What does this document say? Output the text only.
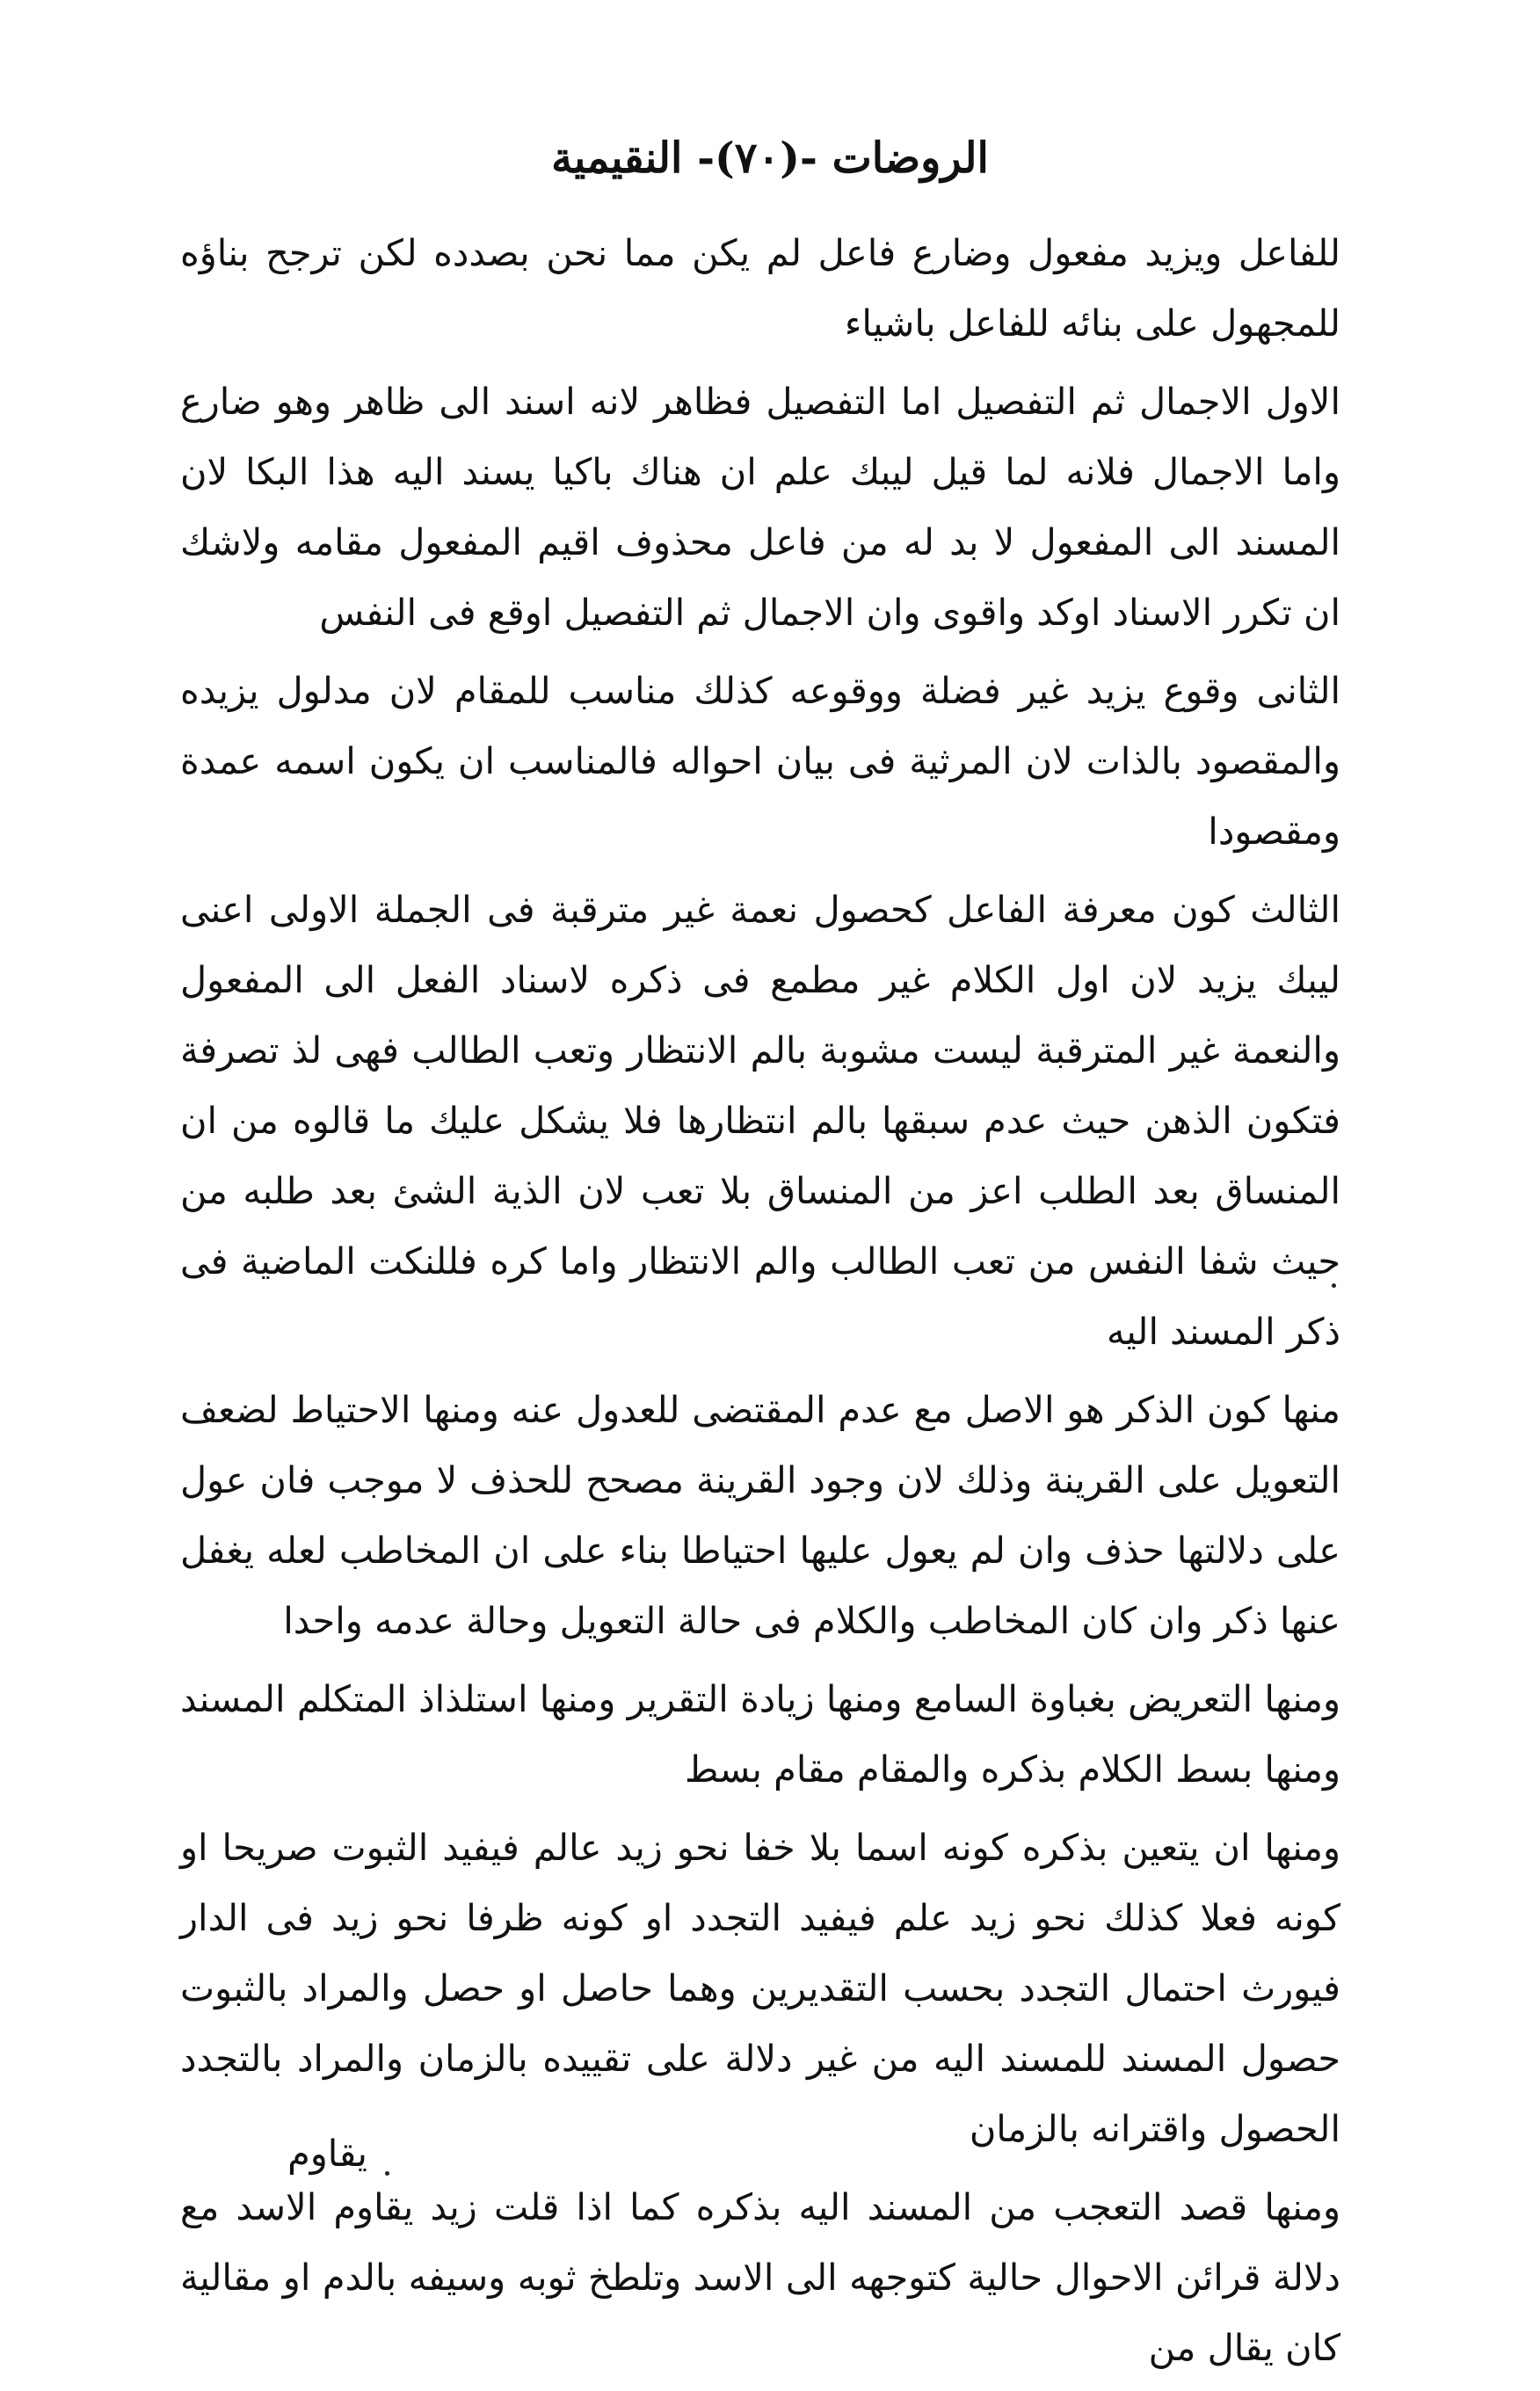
الروضات -(٧٠)- النقيمية

للفاعل ويزيد مفعول وضارع فاعل لم يكن مما نحن بصدده لكن ترجح بناؤه للمجهول على بنائه للفاعل باشياء

الاول الاجمال ثم التفصيل اما التفصيل فظاهر لانه اسند الى ظاهر وهو ضارع واما الاجمال فلانه لما قيل ليبك علم ان هناك باكيا يسند اليه هذا البكا لان المسند الى المفعول لا بد له من فاعل محذوف اقيم المفعول مقامه ولاشك ان تكرر الاسناد اوكد واقوى وان الاجمال ثم التفصيل اوقع فى النفس

الثانى وقوع يزيد غير فضلة ووقوعه كذلك مناسب للمقام لان مدلول يزيده والمقصود بالذات لان المرثية فى بيان احواله فالمناسب ان يكون اسمه عمدة ومقصودا

الثالث كون معرفة الفاعل كحصول نعمة غير مترقبة فى الجملة الاولى اعنى ليبك يزيد لان اول الكلام غير مطمع فى ذكره لاسناد الفعل الى المفعول والنعمة غير المترقبة ليست مشوبة بالم الانتظار وتعب الطالب فهى لذ تصرفة فتكون الذهن حيث عدم سبقها بالم انتظارها فلا يشكل عليك ما قالوه من ان المنساق بعد الطلب اعز من المنساق بلا تعب لان الذية الشئ بعد طلبه من حيث شفا النفس من تعب الطالب والم الانتظار واما كره فللنكت الماضية فى ذكر المسند اليه

منها كون الذكر هو الاصل مع عدم المقتضى للعدول عنه ومنها الاحتياط لضعف التعويل على القرينة وذلك لان وجود القرينة مصحح للحذف لا موجب فان عول على دلالتها حذف وان لم يعول عليها احتياطا بناء على ان المخاطب لعله يغفل عنها ذكر وان كان المخاطب والكلام فى حالة التعويل وحالة عدمه واحدا

ومنها التعريض بغباوة السامع ومنها زيادة التقرير ومنها استلذاذ المتكلم المسند ومنها بسط الكلام بذكره والمقام مقام بسط

ومنها ان يتعين بذكره كونه اسما بلا خفا نحو زيد عالم فيفيد الثبوت صريحا او كونه فعلا كذلك نحو زيد علم فيفيد التجدد او كونه ظرفا نحو زيد فى الدار فيورث احتمال التجدد بحسب التقديرين وهما حاصل او حصل والمراد بالثبوت حصول المسند للمسند اليه من غير دلالة على تقييده بالزمان والمراد بالتجدد الحصول واقترانه بالزمان

ومنها قصد التعجب من المسند اليه بذكره كما اذا قلت زيد يقاوم الاسد مع دلالة قرائن الاحوال حالية كتوجهه الى الاسد وتلطخ ثوبه وسيفه بالدم او مقالية كان يقال من

يقاوم
